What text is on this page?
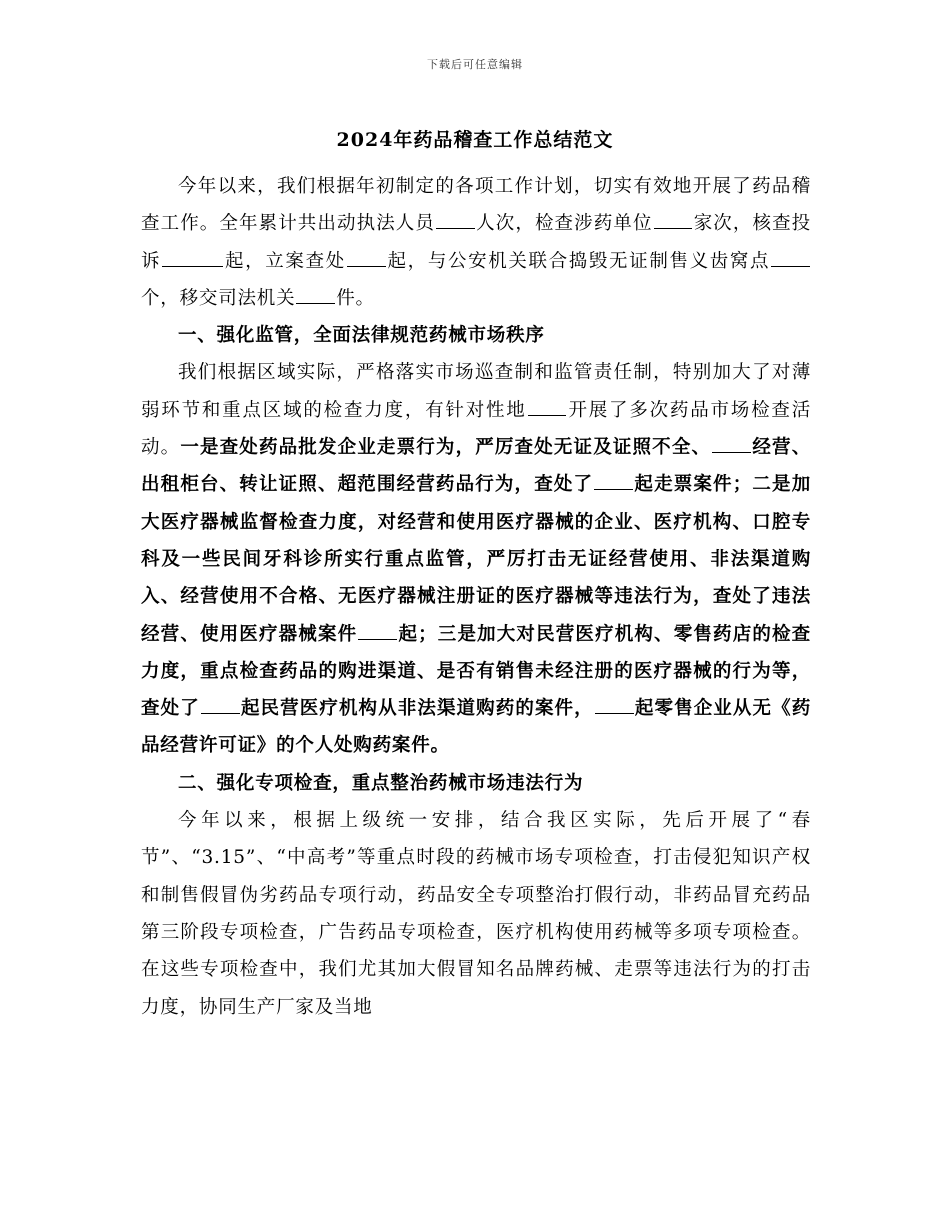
下载后可任意编辑
2024年药品稽查工作总结范文

今年以来，我们根据年初制定的各项工作计划，切实有效地开展了药品稽查工作。全年累计共出动执法人员 人次，检查涉药单位 家次，核查投诉	起，立案查处 起，与公安机关联合捣毁无证制售义齿窝点个，移交司法机关 件。

一、强化监管，全面法律规范药械市场秩序

我们根据区域实际，严格落实市场巡查制和监管责任制，特别加大了对薄弱环节和重点区域的检查力度，有针对性地 开展了多次药品市场检查活动。一是查处药品批发企业走票行为，严厉查处无证及证照不全、 经营、出租柜台、转让证照、超范围经营药品行为，查处了 起走票案件；二是加大医疗器械监督检查力度，对经营和使用医疗器械的企业、医疗机构、口腔专科及一些民间牙科诊所实行重点监管，严厉打击无证经营使用、非法渠道购入、经营使用不合格、无医疗器械注册证的医疗器械等违法行为，查处了违法经营、使用医疗器械案件 起；三是加大对民营医疗机构、零售药店的检查力度，重点检查药品的购进渠道、是否有销售未经注册的医疗器械的行为等，查处了 起民营医疗机构从非法渠道购药的案件， 起零售企业从无《药品经营许可证》的个人处购药案件。

二、强化专项检查，重点整治药械市场违法行为

今年以来，根据上级统一安排，结合我区实际，先后开展了“春节”、“3.15”、“中高考”等重点时段的药械市场专项检查，打击侵犯知识产权和制售假冒伪劣药品专项行动，药品安全专项整治打假行动，非药品冒充药品第三阶段专项检查，广告药品专项检查，医疗机构使用药械等多项专项检查。在这些专项检查中，我们尤其加大假冒知名品牌药械、走票等违法行为的打击力度，协同生产厂家及当地
